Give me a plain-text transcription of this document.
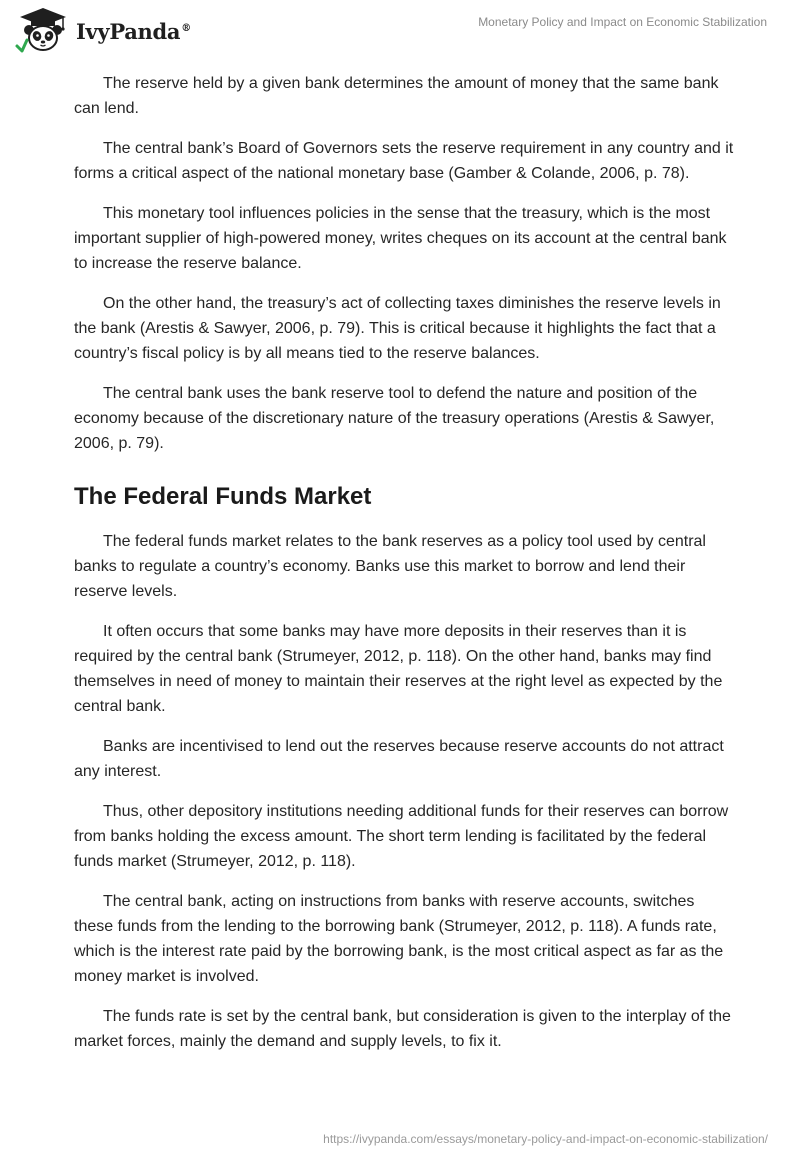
IvyPanda®	Monetary Policy and Impact on Economic Stabilization

The reserve held by a given bank determines the amount of money that the same bank can lend.

The central bank’s Board of Governors sets the reserve requirement in any country and it forms a critical aspect of the national monetary base (Gamber & Colande, 2006, p. 78).

This monetary tool influences policies in the sense that the treasury, which is the most important supplier of high-powered money, writes cheques on its account at the central bank to increase the reserve balance.

On the other hand, the treasury’s act of collecting taxes diminishes the reserve levels in the bank (Arestis & Sawyer, 2006, p. 79). This is critical because it highlights the fact that a country’s fiscal policy is by all means tied to the reserve balances.

The central bank uses the bank reserve tool to defend the nature and position of the economy because of the discretionary nature of the treasury operations (Arestis & Sawyer, 2006, p. 79).

The Federal Funds Market

The federal funds market relates to the bank reserves as a policy tool used by central banks to regulate a country’s economy. Banks use this market to borrow and lend their reserve levels.

It often occurs that some banks may have more deposits in their reserves than it is required by the central bank (Strumeyer, 2012, p. 118). On the other hand, banks may find themselves in need of money to maintain their reserves at the right level as expected by the central bank.

Banks are incentivised to lend out the reserves because reserve accounts do not attract any interest.

Thus, other depository institutions needing additional funds for their reserves can borrow from banks holding the excess amount. The short term lending is facilitated by the federal funds market (Strumeyer, 2012, p. 118).

The central bank, acting on instructions from banks with reserve accounts, switches these funds from the lending to the borrowing bank (Strumeyer, 2012, p. 118). A funds rate, which is the interest rate paid by the borrowing bank, is the most critical aspect as far as the money market is involved.

The funds rate is set by the central bank, but consideration is given to the interplay of the market forces, mainly the demand and supply levels, to fix it.

https://ivypanda.com/essays/monetary-policy-and-impact-on-economic-stabilization/
